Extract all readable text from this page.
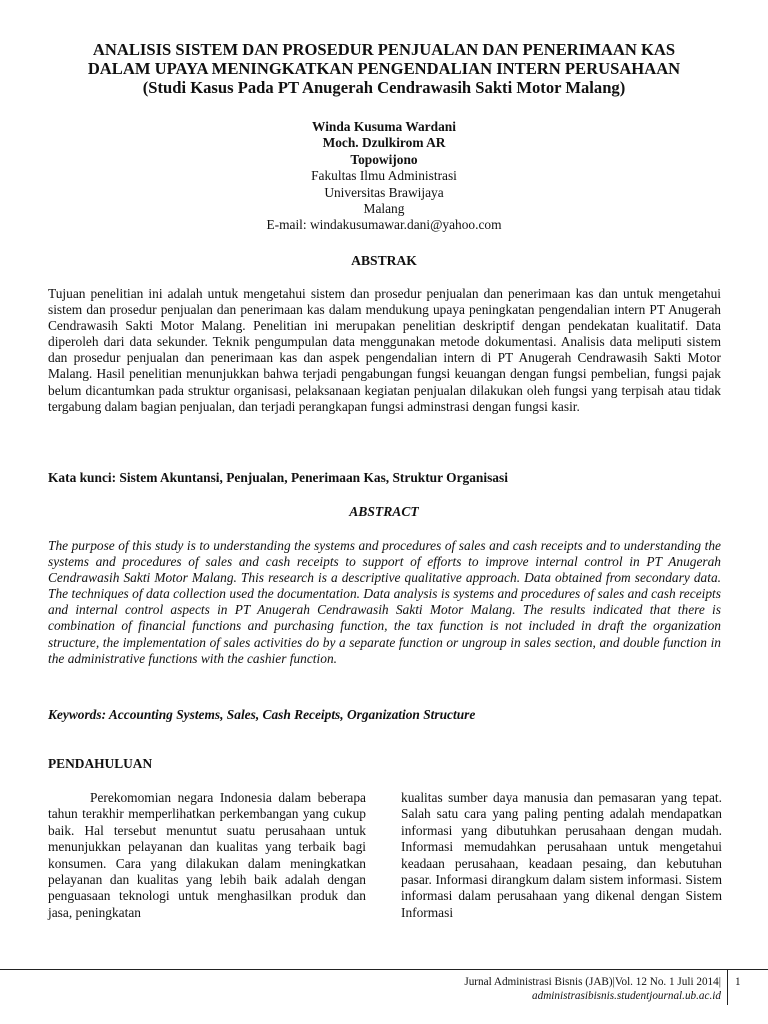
ANALISIS SISTEM DAN PROSEDUR PENJUALAN DAN PENERIMAAN KAS
DALAM UPAYA MENINGKATKAN PENGENDALIAN INTERN PERUSAHAAN
(Studi Kasus Pada PT Anugerah Cendrawasih Sakti Motor Malang)
Winda Kusuma Wardani
Moch. Dzulkirom AR
Topowijono
Fakultas Ilmu Administrasi
Universitas Brawijaya
Malang
E-mail: windakusumawar.dani@yahoo.com
ABSTRAK
Tujuan penelitian ini adalah untuk mengetahui sistem dan prosedur penjualan dan penerimaan kas dan untuk mengetahui sistem dan prosedur penjualan dan penerimaan kas dalam mendukung upaya peningkatan pengendalian intern PT Anugerah Cendrawasih Sakti Motor Malang. Penelitian ini merupakan penelitian deskriptif dengan pendekatan kualitatif. Data diperoleh dari data sekunder. Teknik pengumpulan data menggunakan metode dokumentasi. Analisis data meliputi sistem dan prosedur penjualan dan penerimaan kas dan aspek pengendalian intern di PT Anugerah Cendrawasih Sakti Motor Malang. Hasil penelitian menunjukkan bahwa terjadi pengabungan fungsi keuangan dengan fungsi pembelian, fungsi pajak belum dicantumkan pada struktur organisasi, pelaksanaan kegiatan penjualan dilakukan oleh fungsi yang terpisah atau tidak tergabung dalam bagian penjualan, dan terjadi perangkapan fungsi adminstrasi dengan fungsi kasir.
Kata kunci: Sistem Akuntansi, Penjualan, Penerimaan Kas, Struktur Organisasi
ABSTRACT
The purpose of this study is to understanding the systems and procedures of sales and cash receipts and to understanding the systems and procedures of sales and cash receipts to support of efforts to improve internal control in PT Anugerah Cendrawasih Sakti Motor Malang. This research is a descriptive qualitative approach. Data obtained from secondary data. The techniques of data collection used the documentation. Data analysis is systems and procedures of sales and cash receipts and internal control aspects in PT Anugerah Cendrawasih Sakti Motor Malang. The results indicated that there is combination of financial functions and purchasing function, the tax function is not included in draft the organization structure, the implementation of sales activities do by a separate function or ungroup in sales section, and double function in the administrative functions with the cashier function.
Keywords: Accounting Systems, Sales, Cash Receipts, Organization Structure
PENDAHULUAN

Perekomomian negara Indonesia dalam beberapa tahun terakhir memperlihatkan perkembangan yang cukup baik. Hal tersebut menuntut suatu perusahaan untuk menunjukkan pelayanan dan kualitas yang terbaik bagi konsumen. Cara yang dilakukan dalam meningkatkan pelayanan dan kualitas yang lebih baik adalah dengan penguasaan teknologi untuk menghasilkan produk dan jasa, peningkatan

kualitas sumber daya manusia dan pemasaran yang tepat. Salah satu cara yang paling penting adalah mendapatkan informasi yang dibutuhkan perusahaan dengan mudah. Informasi memudahkan perusahaan untuk mengetahui keadaan perusahaan, keadaan pesaing, dan kebutuhan pasar. Informasi dirangkum dalam sistem informasi. Sistem informasi dalam perusahaan yang dikenal dengan Sistem Informasi

Jurnal Administrasi Bisnis (JAB)|Vol. 12 No. 1 Juli 2014|
administrasibisnis.studentjournal.ub.ac.id
1
